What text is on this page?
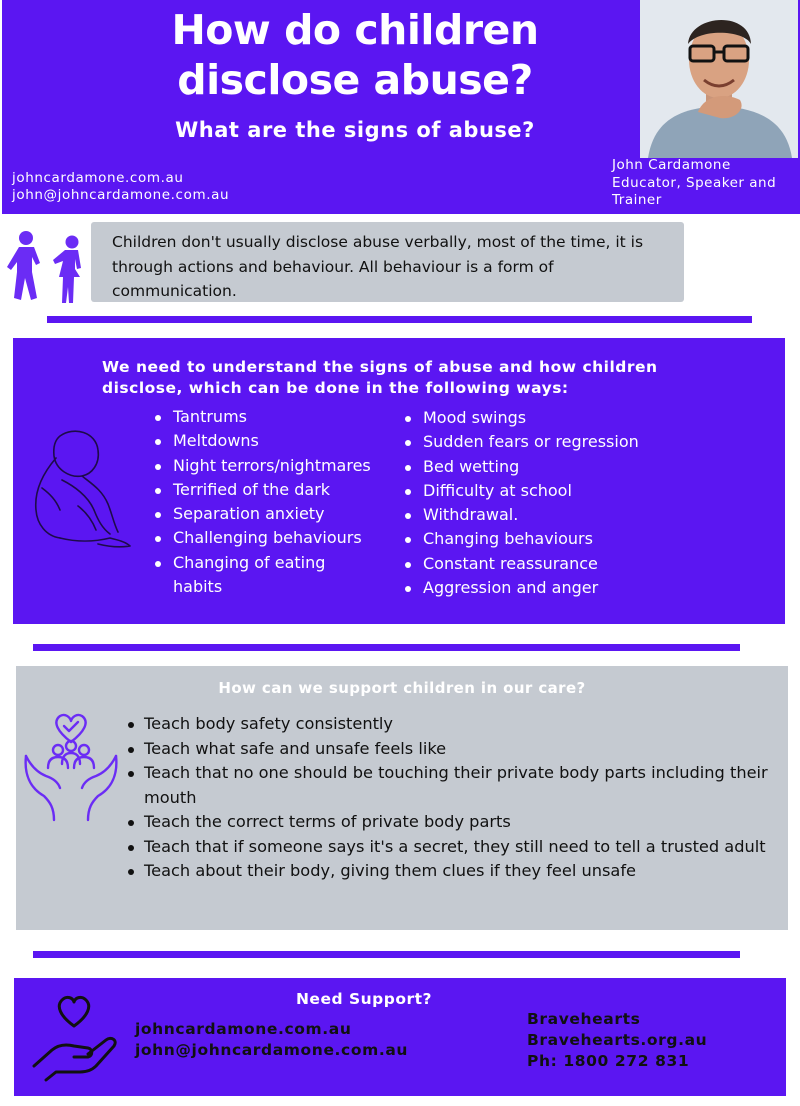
How do children
disclose abuse?
What are the signs of abuse?
johncardamone.com.au
john@johncardamone.com.au
John Cardamone
Educator, Speaker and
Trainer
Children don't usually disclose abuse verbally, most of the time, it is through actions and behaviour. All behaviour is a form of communication.
We need to understand the signs of abuse and how children
disclose, which can be done in the following ways:
Tantrums
Meltdowns
Night terrors/nightmares
Terrified of the dark
Separation anxiety
Challenging behaviours
Changing of eating habits
Mood swings
Sudden fears or regression
Bed wetting
Difficulty at school
Withdrawal.
Changing behaviours
Constant reassurance
Aggression and anger
How can we support children in our care?
Teach body safety consistently
Teach what safe and unsafe feels like
Teach that no one should be touching their private body parts including their mouth
Teach the correct terms of private body parts
Teach that if someone says it's a secret, they still need to tell a trusted adult
Teach about their body, giving them clues if they feel unsafe
Need Support?
johncardamone.com.au
john@johncardamone.com.au
Bravehearts
Bravehearts.org.au
Ph: 1800 272 831
